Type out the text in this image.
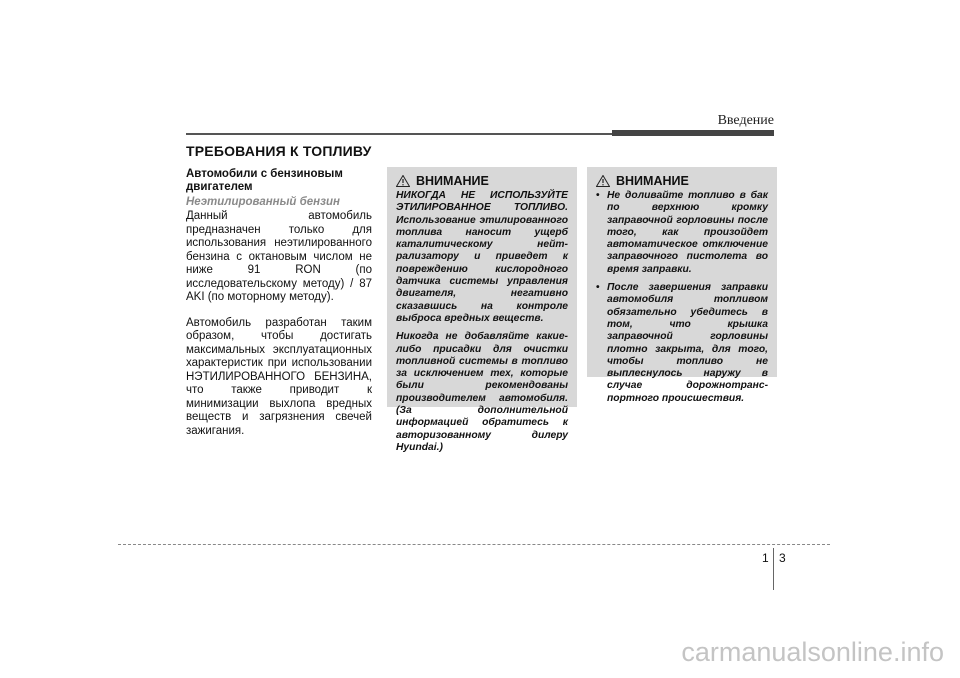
Введение
ТРЕБОВАНИЯ К ТОПЛИВУ

Автомобили с бензиновым двигателем

Неэтилированный бензин

Данный автомобиль предназначен только для использования неэтилированного бензина с октановым числом не ниже 91 RON (по исследовательскому методу) / 87 AKI (по моторному методу).

Автомобиль разработан таким образом, чтобы достигать максимальных эксплуатационных характеристик при использовании НЭТИЛИРОВАННОГО БЕНЗИНА, что также приводит к минимизации выхлопа вредных веществ и загрязнения свечей зажигания.

ВНИМАНИЕ

НИКОГДА НЕ ИСПОЛЬЗУЙТЕ ЭТИЛИРОВАННОЕ ТОПЛИВО. Использование этилированного топлива наносит ущерб каталитическому нейт-рализатору и приведет к повреждению кислородного датчика системы управления двигателя, негативно сказавшись на контроле выброса вредных веществ.

Никогда не добавляйте какие-либо присадки для очистки топливной системы в топливо за исключением тех, которые были рекомендованы производителем автомобиля. (За дополнительной информацией обратитесь к авторизованному дилеру Hyundai.)

ВНИМАНИЕ
• Не доливайте топливо в бак по верхнюю кромку заправочной горловины после того, как произойдет автоматическое отключение заправочного пистолета во время заправки.
• После завершения заправки автомобиля топливом обязательно убедитесь в том, что крышка заправочной горловины плотно закрыта, для того, чтобы топливо не выплеснулось наружу в случае дорожнотранс-портного происшествия.
1 3
carmanualsonline.info
